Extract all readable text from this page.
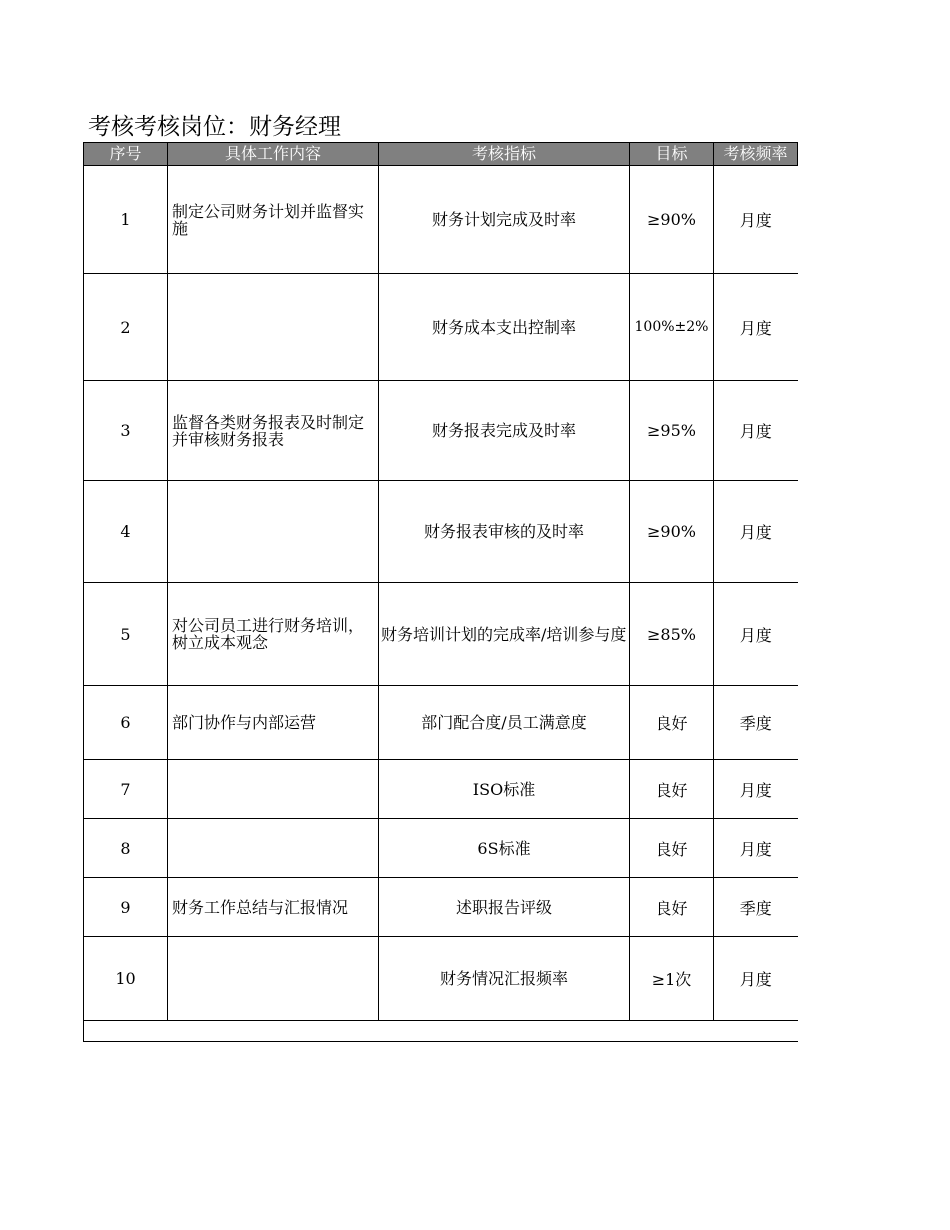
考核考核岗位：财务经理
序号	具体工作内容	考核指标	目标	考核频率
1	制定公司财务计划并监督实施	财务计划完成及时率	≥90%	月度
2		财务成本支出控制率	100%±2%	月度
3	监督各类财务报表及时制定并审核财务报表	财务报表完成及时率	≥95%	月度
4		财务报表审核的及时率	≥90%	月度
5	对公司员工进行财务培训，树立成本观念	财务培训计划的完成率/培训参与度	≥85%	月度
6	部门协作与内部运营	部门配合度/员工满意度	良好	季度
7		ISO标准	良好	月度
8		6S标准	良好	月度
9	财务工作总结与汇报情况	述职报告评级	良好	季度
10		财务情况汇报频率	≥1次	月度
